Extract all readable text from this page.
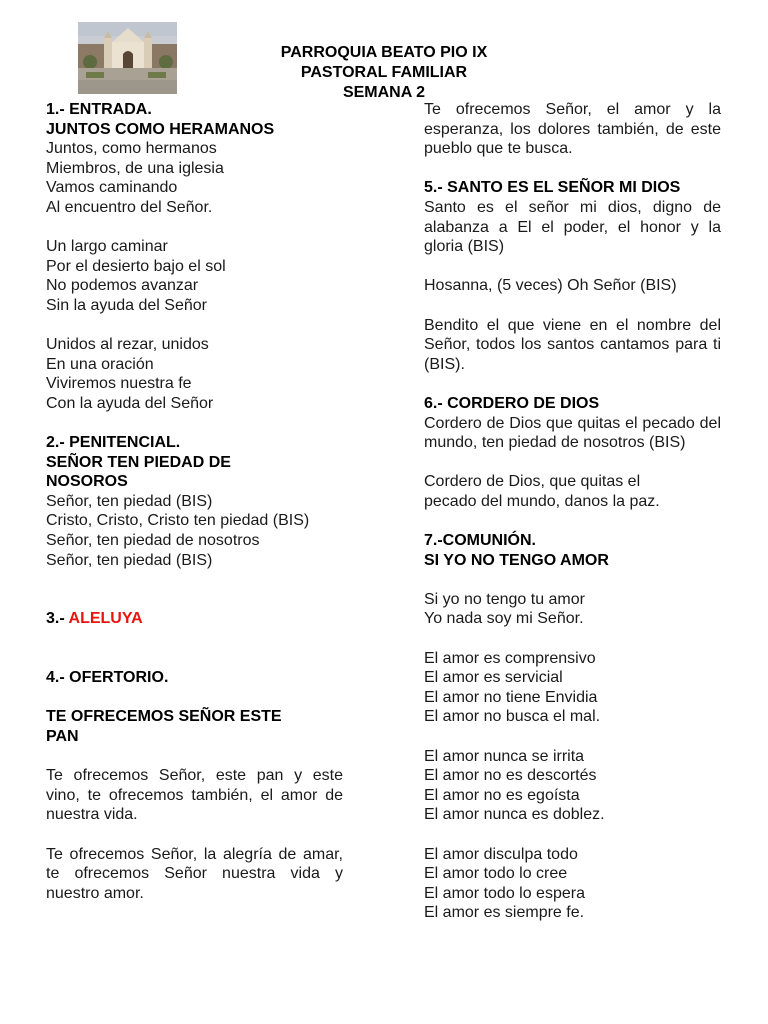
PARROQUIA BEATO PIO IX
PASTORAL FAMILIAR
SEMANA 2
1.- ENTRADA.
JUNTOS COMO HERAMANOS
Juntos, como hermanos
Miembros, de una iglesia
Vamos caminando
Al encuentro del Señor.
Un largo caminar
Por el desierto bajo el sol
No podemos avanzar
Sin la ayuda del Señor
Unidos al rezar, unidos
En una oración
Viviremos nuestra fe
Con la ayuda del Señor
2.- PENITENCIAL.
SEÑOR TEN PIEDAD DE
NOSOROS
Señor, ten piedad (BIS)
Cristo, Cristo, Cristo ten piedad (BIS)
Señor, ten piedad de nosotros
Señor, ten piedad (BIS)
3.- ALELUYA
4.- OFERTORIO.
TE OFRECEMOS SEÑOR ESTE PAN
Te ofrecemos Señor, este pan y este vino, te ofrecemos también, el amor de nuestra vida.
Te ofrecemos Señor, la alegría de amar, te ofrecemos Señor nuestra vida y nuestro amor.
Te ofrecemos Señor, el amor y la esperanza, los dolores también, de este pueblo que te busca.
5.- SANTO ES EL SEÑOR MI DIOS
Santo es el señor mi dios, digno de alabanza a El el poder, el honor y la gloria (BIS)
Hosanna, (5 veces) Oh Señor (BIS)
Bendito el que viene en el nombre del Señor, todos los santos cantamos para ti (BIS).
6.- CORDERO DE DIOS
Cordero de Dios que quitas el pecado del mundo, ten piedad de nosotros (BIS)
Cordero de Dios, que quitas el
pecado del mundo, danos la paz.
7.-COMUNIÓN.
SI YO NO TENGO AMOR
Si yo no tengo tu amor
Yo nada soy mi Señor.
El amor es comprensivo
El amor es servicial
El amor no tiene Envidia
El amor no busca el mal.
El amor nunca se irrita
El amor no es descortés
El amor no es egoísta
El amor nunca es doblez.
El amor disculpa todo
El amor todo lo cree
El amor todo lo espera
El amor es siempre fe.
